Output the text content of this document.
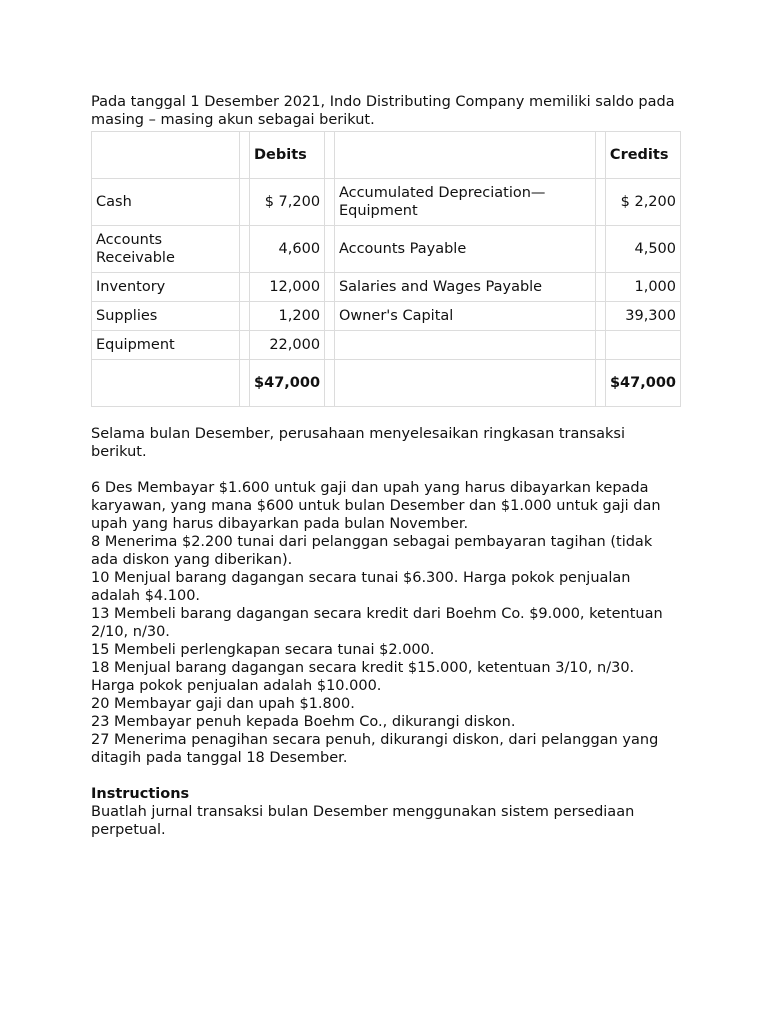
Pada tanggal 1 Desember 2021, Indo Distributing Company memiliki saldo pada masing – masing akun sebagai berikut.

		Debits				Credits
Cash		$ 7,200		Accumulated Depreciation—Equipment		$ 2,200
Accounts Receivable		4,600		Accounts Payable		4,500
Inventory		12,000		Salaries and Wages Payable		1,000
Supplies		1,200		Owner's Capital		39,300
Equipment		22,000				
		$47,000				$47,000

Selama bulan Desember, perusahaan menyelesaikan ringkasan transaksi berikut.

6 Des Membayar $1.600 untuk gaji dan upah yang harus dibayarkan kepada karyawan, yang mana $600 untuk bulan Desember dan $1.000 untuk gaji dan upah yang harus dibayarkan pada bulan November.

8 Menerima $2.200 tunai dari pelanggan sebagai pembayaran tagihan (tidak ada diskon yang diberikan).

10 Menjual barang dagangan secara tunai $6.300. Harga pokok penjualan adalah $4.100.

13 Membeli barang dagangan secara kredit dari Boehm Co. $9.000, ketentuan 2/10, n/30.

15 Membeli perlengkapan secara tunai $2.000.

18 Menjual barang dagangan secara kredit $15.000, ketentuan 3/10, n/30. Harga pokok penjualan adalah $10.000.

20 Membayar gaji dan upah $1.800.

23 Membayar penuh kepada Boehm Co., dikurangi diskon.

27 Menerima penagihan secara penuh, dikurangi diskon, dari pelanggan yang ditagih pada tanggal 18 Desember.

Instructions

Buatlah jurnal transaksi bulan Desember menggunakan sistem persediaan perpetual.
